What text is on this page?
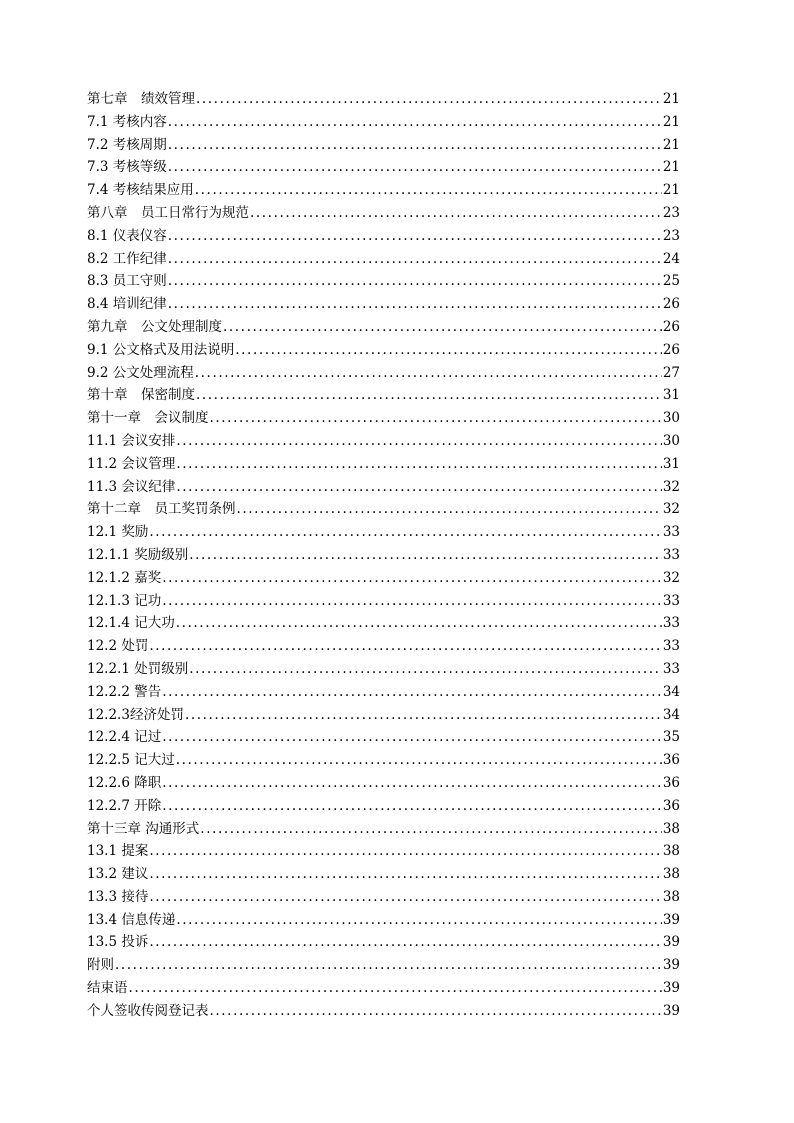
第七章　绩效管理 .....	21
7.1 考核内容 .....	21
7.2 考核周期 .....	21
7.3 考核等级 .....	21
7.4 考核结果应用 .....	21
第八章　员工日常行为规范 .....	23
8.1 仪表仪容 .....	23
8.2 工作纪律 .....	24
8.3 员工守则 .....	25
8.4 培训纪律 .....	26
第九章　公文处理制度 .....	26
9.1 公文格式及用法说明 .....	26
9.2 公文处理流程 .....	27
第十章　保密制度 .....	31
第十一章　会议制度 .....	30
11.1 会议安排 .....	30
11.2 会议管理 .....	31
11.3 会议纪律 .....	32
第十二章　员工奖罚条例 .....	32
12.1 奖励 .....	33
12.1.1 奖励级别 .....	33
12.1.2 嘉奖 .....	32
12.1.3 记功 .....	33
12.1.4 记大功 .....	33
12.2 处罚 .....	33
12.2.1 处罚级别 .....	33
12.2.2 警告 .....	34
12.2.3经济处罚 .....	34
12.2.4 记过 .....	35
12.2.5 记大过 .....	36
12.2.6 降职 .....	36
12.2.7 开除 .....	36
第十三章 沟通形式 .....	38
13.1 提案 .....	38
13.2 建议 .....	38
13.3 接待 .....	38
13.4 信息传递 .....	39
13.5 投诉 .....	39
附则 .....	39
结束语 .....	39
个人签收传阅登记表 .....	39
